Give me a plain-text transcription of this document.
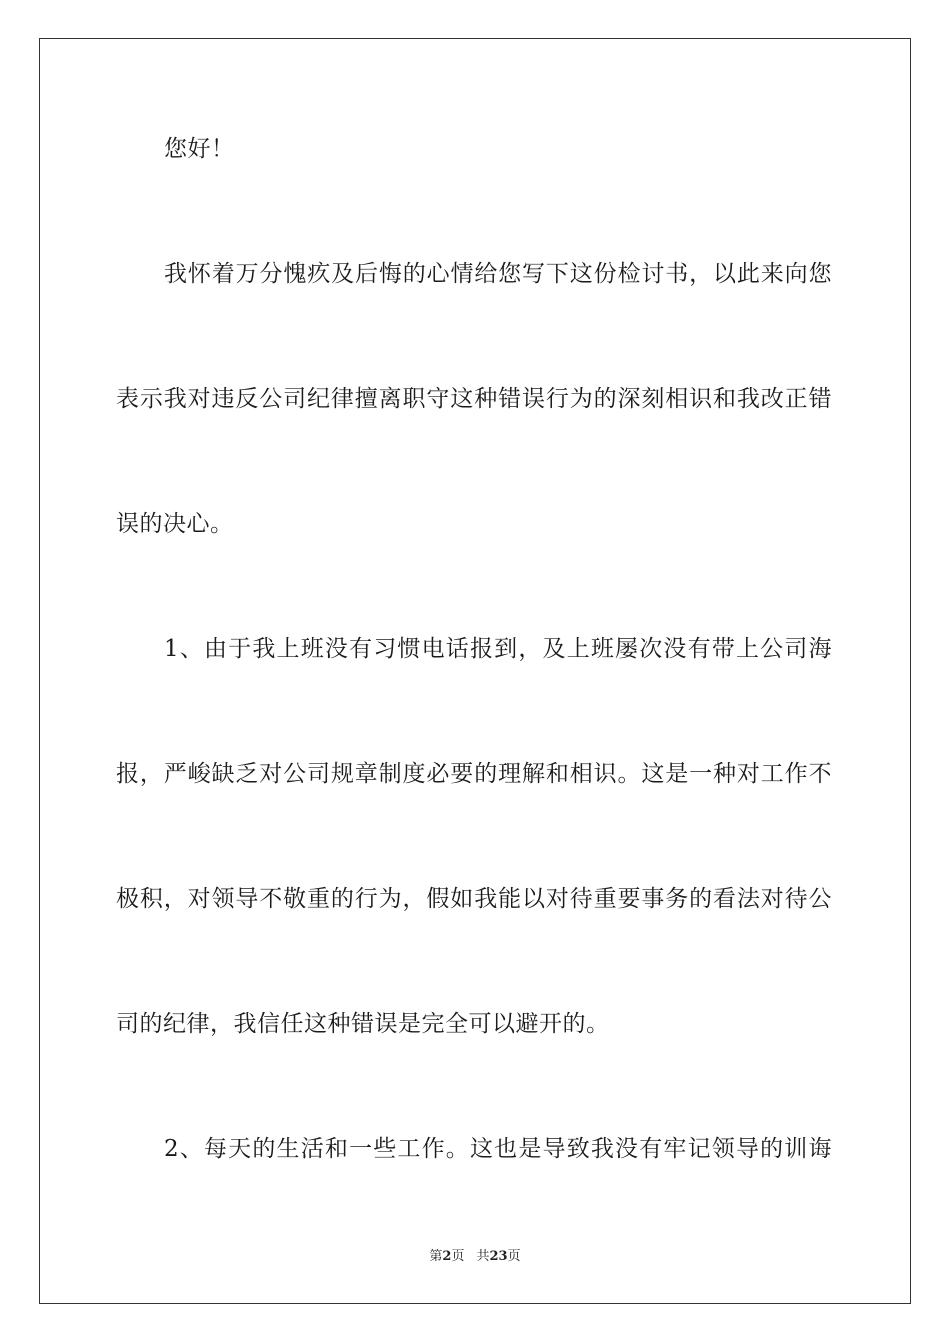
您好！
我怀着万分愧疚及后悔的心情给您写下这份检讨书，以此来向您
表示我对违反公司纪律擅离职守这种错误行为的深刻相识和我改正错
误的决心。
1、由于我上班没有习惯电话报到，及上班屡次没有带上公司海
报，严峻缺乏对公司规章制度必要的理解和相识。这是一种对工作不
极积，对领导不敬重的行为，假如我能以对待重要事务的看法对待公
司的纪律，我信任这种错误是完全可以避开的。
2、每天的生活和一些工作。这也是导致我没有牢记领导的训诲
第2页 共23页
